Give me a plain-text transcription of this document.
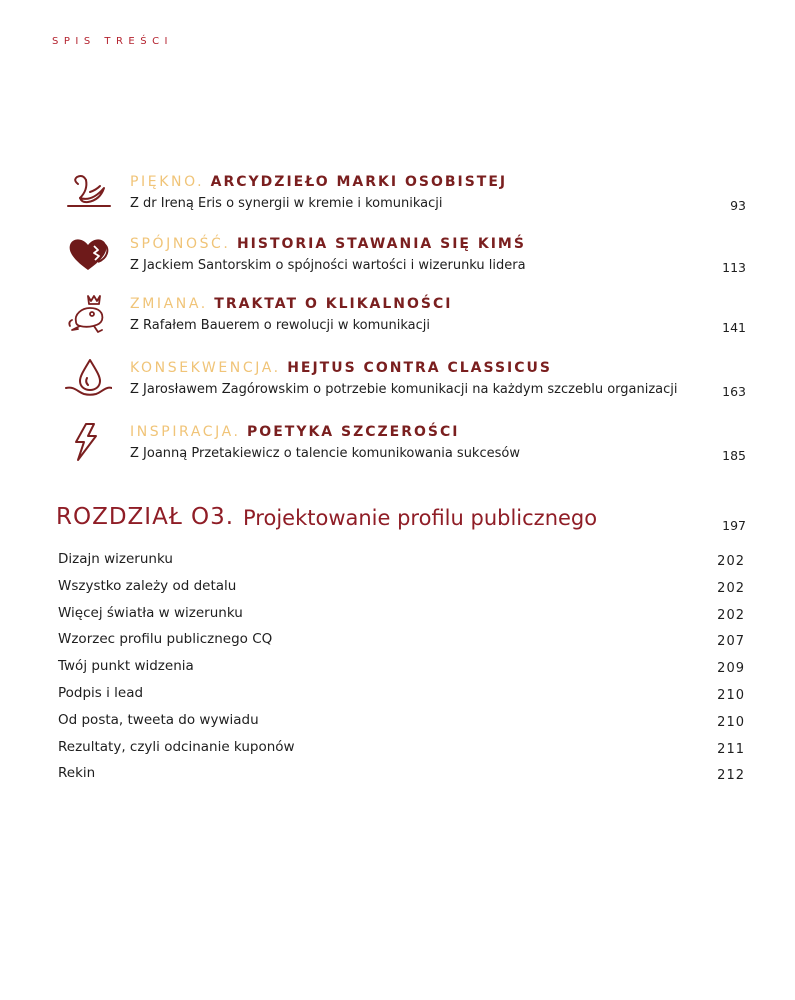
SPIS TREŚCI
PIĘKNO. ARCYDZIEŁO MARKI OSOBISTEJ
Z dr Ireną Eris o synergii w kremie i komunikacji	93
SPÓJNOŚĆ. HISTORIA STAWANIA SIĘ KIMŚ
Z Jackiem Santorskim o spójności wartości i wizerunku lidera	113
ZMIANA. TRAKTAT O KLIKALNOŚCI
Z Rafałem Bauerem o rewolucji w komunikacji	141
KONSEKWENCJA. HEJTUS CONTRA CLASSICUS
Z Jarosławem Zagórowskim o potrzebie komunikacji na każdym szczeblu organizacji	163
INSPIRACJA. POETYKA SZCZEROŚCI
Z Joanną Przetakiewicz o talencie komunikowania sukcesów	185
ROZDZIAŁ O3. Projektowanie profilu publicznego	197
Dizajn wizerunku	202
Wszystko zależy od detalu	202
Więcej światła w wizerunku	202
Wzorzec profilu publicznego CQ	207
Twój punkt widzenia	209
Podpis i lead	210
Od posta, tweeta do wywiadu	210
Rezultaty, czyli odcinanie kuponów	211
Rekin	212
